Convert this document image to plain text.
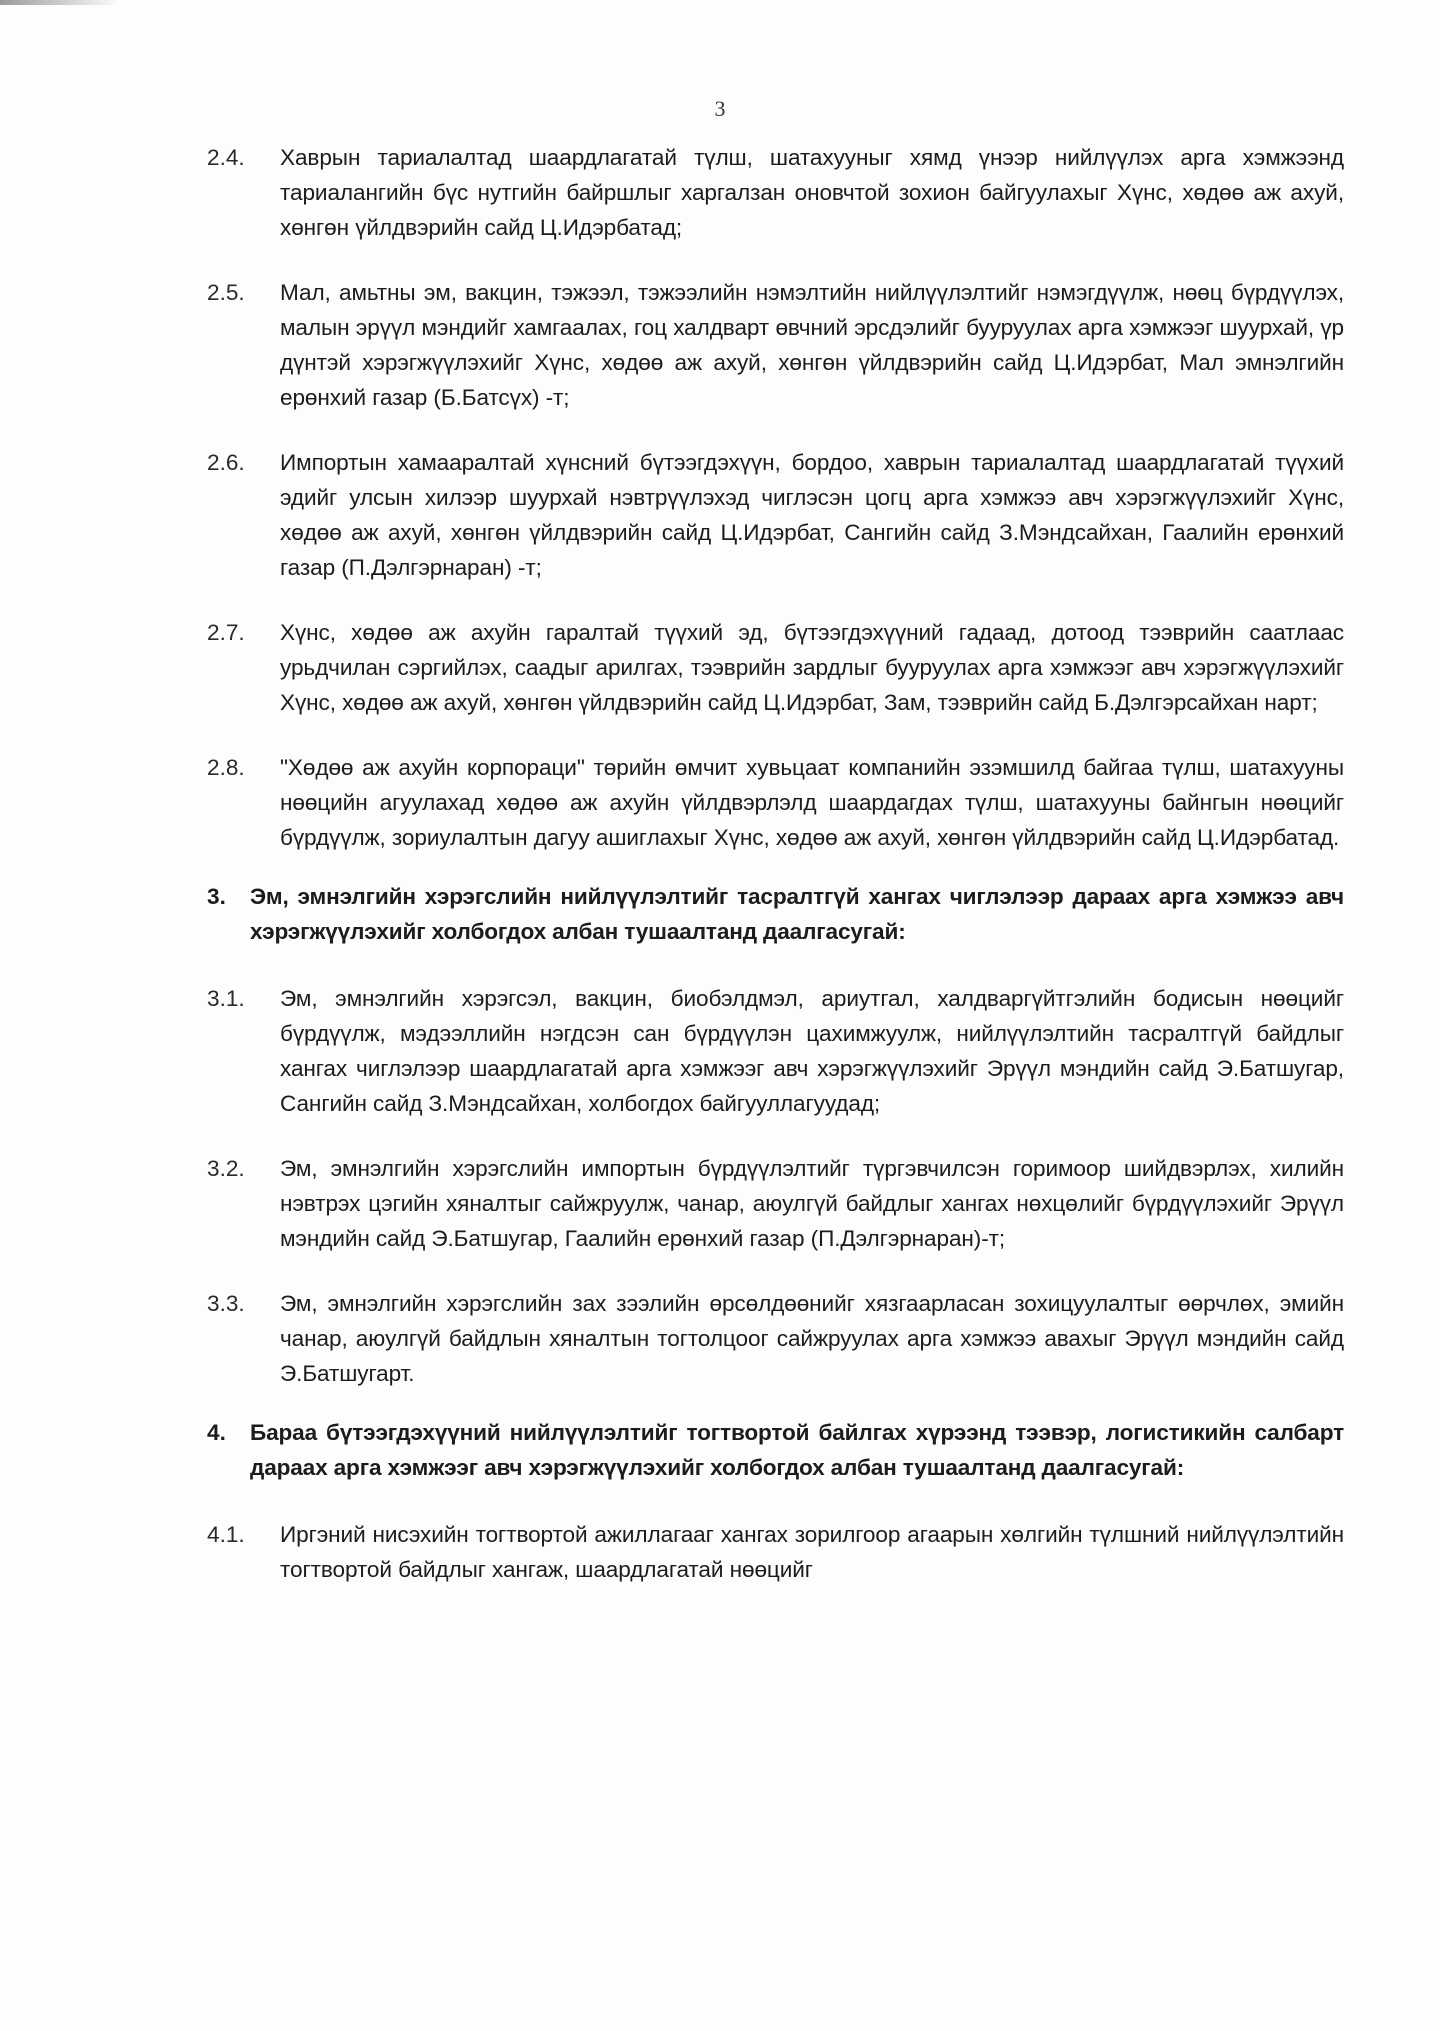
3
2.4.	Хаврын тариалалтад шаардлагатай түлш, шатахууныг хямд үнээр нийлүүлэх арга хэмжээнд тариалангийн бүс нутгийн байршлыг харгалзан оновчтой зохион байгуулахыг Хүнс, хөдөө аж ахуй, хөнгөн үйлдвэрийн сайд Ц.Идэрбатад;
2.5.	Мал, амьтны эм, вакцин, тэжээл, тэжээлийн нэмэлтийн нийлүүлэлтийг нэмэгдүүлж, нөөц бүрдүүлэх, малын эрүүл мэндийг хамгаалах, гоц халдварт өвчний эрсдэлийг бууруулах арга хэмжээг шуурхай, үр дүнтэй хэрэгжүүлэхийг Хүнс, хөдөө аж ахуй, хөнгөн үйлдвэрийн сайд Ц.Идэрбат, Мал эмнэлгийн ерөнхий газар (Б.Батсүх) -т;
2.6.	Импортын хамааралтай хүнсний бүтээгдэхүүн, бордоо, хаврын тариалалтад шаардлагатай түүхий эдийг улсын хилээр шуурхай нэвтрүүлэхэд чиглэсэн цогц арга хэмжээ авч хэрэгжүүлэхийг Хүнс, хөдөө аж ахуй, хөнгөн үйлдвэрийн сайд Ц.Идэрбат, Сангийн сайд З.Мэндсайхан, Гаалийн ерөнхий газар (П.Дэлгэрнаран) -т;
2.7.	Хүнс, хөдөө аж ахуйн гаралтай түүхий эд, бүтээгдэхүүний гадаад, дотоод тээврийн саатлаас урьдчилан сэргийлэх, саадыг арилгах, тээврийн зардлыг бууруулах арга хэмжээг авч хэрэгжүүлэхийг Хүнс, хөдөө аж ахуй, хөнгөн үйлдвэрийн сайд Ц.Идэрбат, Зам, тээврийн сайд Б.Дэлгэрсайхан нарт;
2.8.	"Хөдөө аж ахуйн корпораци" төрийн өмчит хувьцаат компанийн эзэмшилд байгаа түлш, шатахууны нөөцийн агуулахад хөдөө аж ахуйн үйлдвэрлэлд шаардагдах түлш, шатахууны байнгын нөөцийг бүрдүүлж, зориулалтын дагуу ашиглахыг Хүнс, хөдөө аж ахуй, хөнгөн үйлдвэрийн сайд Ц.Идэрбатад.
3.	Эм, эмнэлгийн хэрэгслийн нийлүүлэлтийг тасралтгүй хангах чиглэлээр дараах арга хэмжээ авч хэрэгжүүлэхийг холбогдох албан тушаалтанд даалгасугай:
3.1.	Эм, эмнэлгийн хэрэгсэл, вакцин, биобэлдмэл, ариутгал, халдваргүйтгэлийн бодисын нөөцийг бүрдүүлж, мэдээллийн нэгдсэн сан бүрдүүлэн цахимжуулж, нийлүүлэлтийн тасралтгүй байдлыг хангах чиглэлээр шаардлагатай арга хэмжээг авч хэрэгжүүлэхийг Эрүүл мэндийн сайд Э.Батшугар, Сангийн сайд З.Мэндсайхан, холбогдох байгууллагуудад;
3.2.	Эм, эмнэлгийн хэрэгслийн импортын бүрдүүлэлтийг түргэвчилсэн горимоор шийдвэрлэх, хилийн нэвтрэх цэгийн хяналтыг сайжруулж, чанар, аюулгүй байдлыг хангах нөхцөлийг бүрдүүлэхийг Эрүүл мэндийн сайд Э.Батшугар, Гаалийн ерөнхий газар (П.Дэлгэрнаран)-т;
3.3.	Эм, эмнэлгийн хэрэгслийн зах зээлийн өрсөлдөөнийг хязгаарласан зохицуулалтыг өөрчлөх, эмийн чанар, аюулгүй байдлын хяналтын тогтолцоог сайжруулах арга хэмжээ авахыг Эрүүл мэндийн сайд Э.Батшугарт.
4.	Бараа бүтээгдэхүүний нийлүүлэлтийг тогтвортой байлгах хүрээнд тээвэр, логистикийн салбарт дараах арга хэмжээг авч хэрэгжүүлэхийг холбогдох албан тушаалтанд даалгасугай:
4.1.	Иргэний нисэхийн тогтвортой ажиллагааг хангах зорилгоор агаарын хөлгийн түлшний нийлүүлэлтийн тогтвортой байдлыг хангаж, шаардлагатай нөөцийг
